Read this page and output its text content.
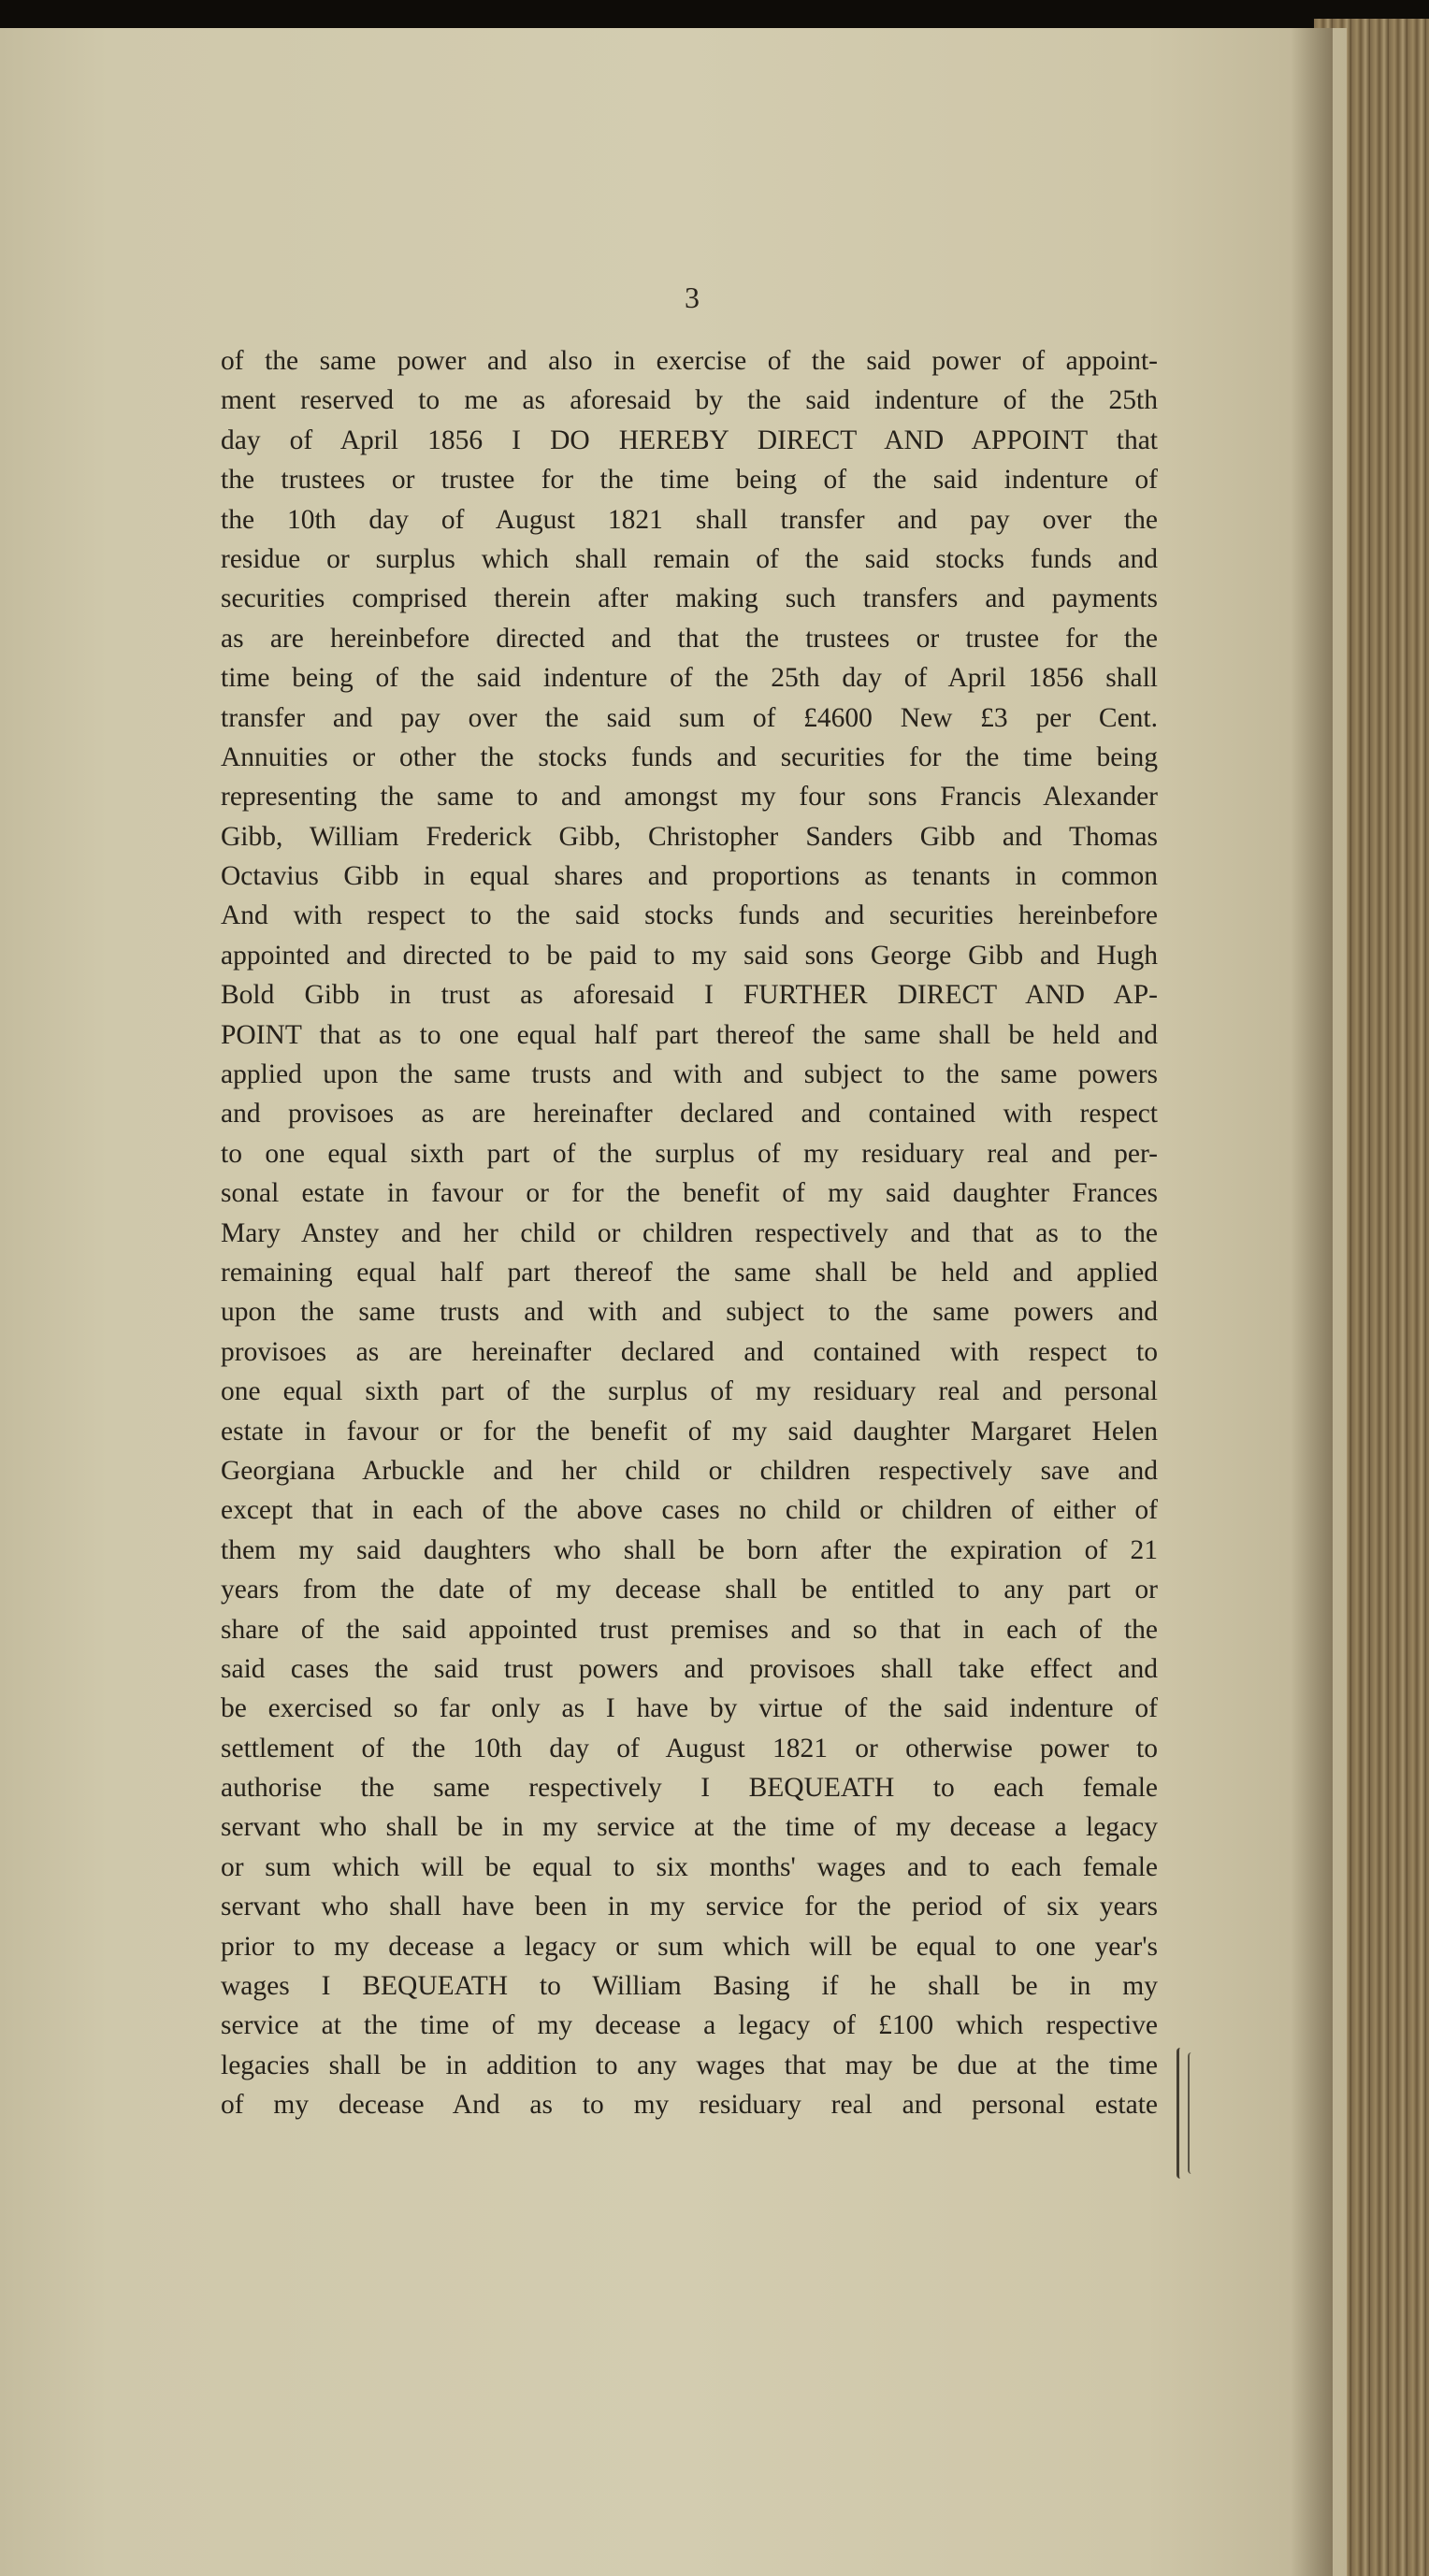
3
of the same power and also in exercise of the said power of appoint-
ment reserved to me as aforesaid by the said indenture of the 25th
day of April 1856 I DO HEREBY DIRECT AND APPOINT that
the trustees or trustee for the time being of the said indenture of
the 10th day of August 1821 shall transfer and pay over the
residue or surplus which shall remain of the said stocks funds and
securities comprised therein after making such transfers and payments
as are hereinbefore directed and that the trustees or trustee for the
time being of the said indenture of the 25th day of April 1856 shall
transfer and pay over the said sum of £4600 New £3 per Cent.
Annuities or other the stocks funds and securities for the time being
representing the same to and amongst my four sons Francis Alexander
Gibb, William Frederick Gibb, Christopher Sanders Gibb and Thomas
Octavius Gibb in equal shares and proportions as tenants in common
And with respect to the said stocks funds and securities hereinbefore
appointed and directed to be paid to my said sons George Gibb and Hugh
Bold Gibb in trust as aforesaid I FURTHER DIRECT AND AP-
POINT that as to one equal half part thereof the same shall be held and
applied upon the same trusts and with and subject to the same powers
and provisoes as are hereinafter declared and contained with respect
to one equal sixth part of the surplus of my residuary real and per-
sonal estate in favour or for the benefit of my said daughter Frances
Mary Anstey and her child or children respectively and that as to the
remaining equal half part thereof the same shall be held and applied
upon the same trusts and with and subject to the same powers and
provisoes as are hereinafter declared and contained with respect to
one equal sixth part of the surplus of my residuary real and personal
estate in favour or for the benefit of my said daughter Margaret Helen
Georgiana Arbuckle and her child or children respectively save and
except that in each of the above cases no child or children of either of
them my said daughters who shall be born after the expiration of 21
years from the date of my decease shall be entitled to any part or
share of the said appointed trust premises and so that in each of the
said cases the said trust powers and provisoes shall take effect and
be exercised so far only as I have by virtue of the said indenture of
settlement of the 10th day of August 1821 or otherwise power to
authorise the same respectively I BEQUEATH to each female
servant who shall be in my service at the time of my decease a legacy
or sum which will be equal to six months' wages and to each female
servant who shall have been in my service for the period of six years
prior to my decease a legacy or sum which will be equal to one year's
wages I BEQUEATH to William Basing if he shall be in my
service at the time of my decease a legacy of £100 which respective
legacies shall be in addition to any wages that may be due at the time
of my decease And as to my residuary real and personal estate
